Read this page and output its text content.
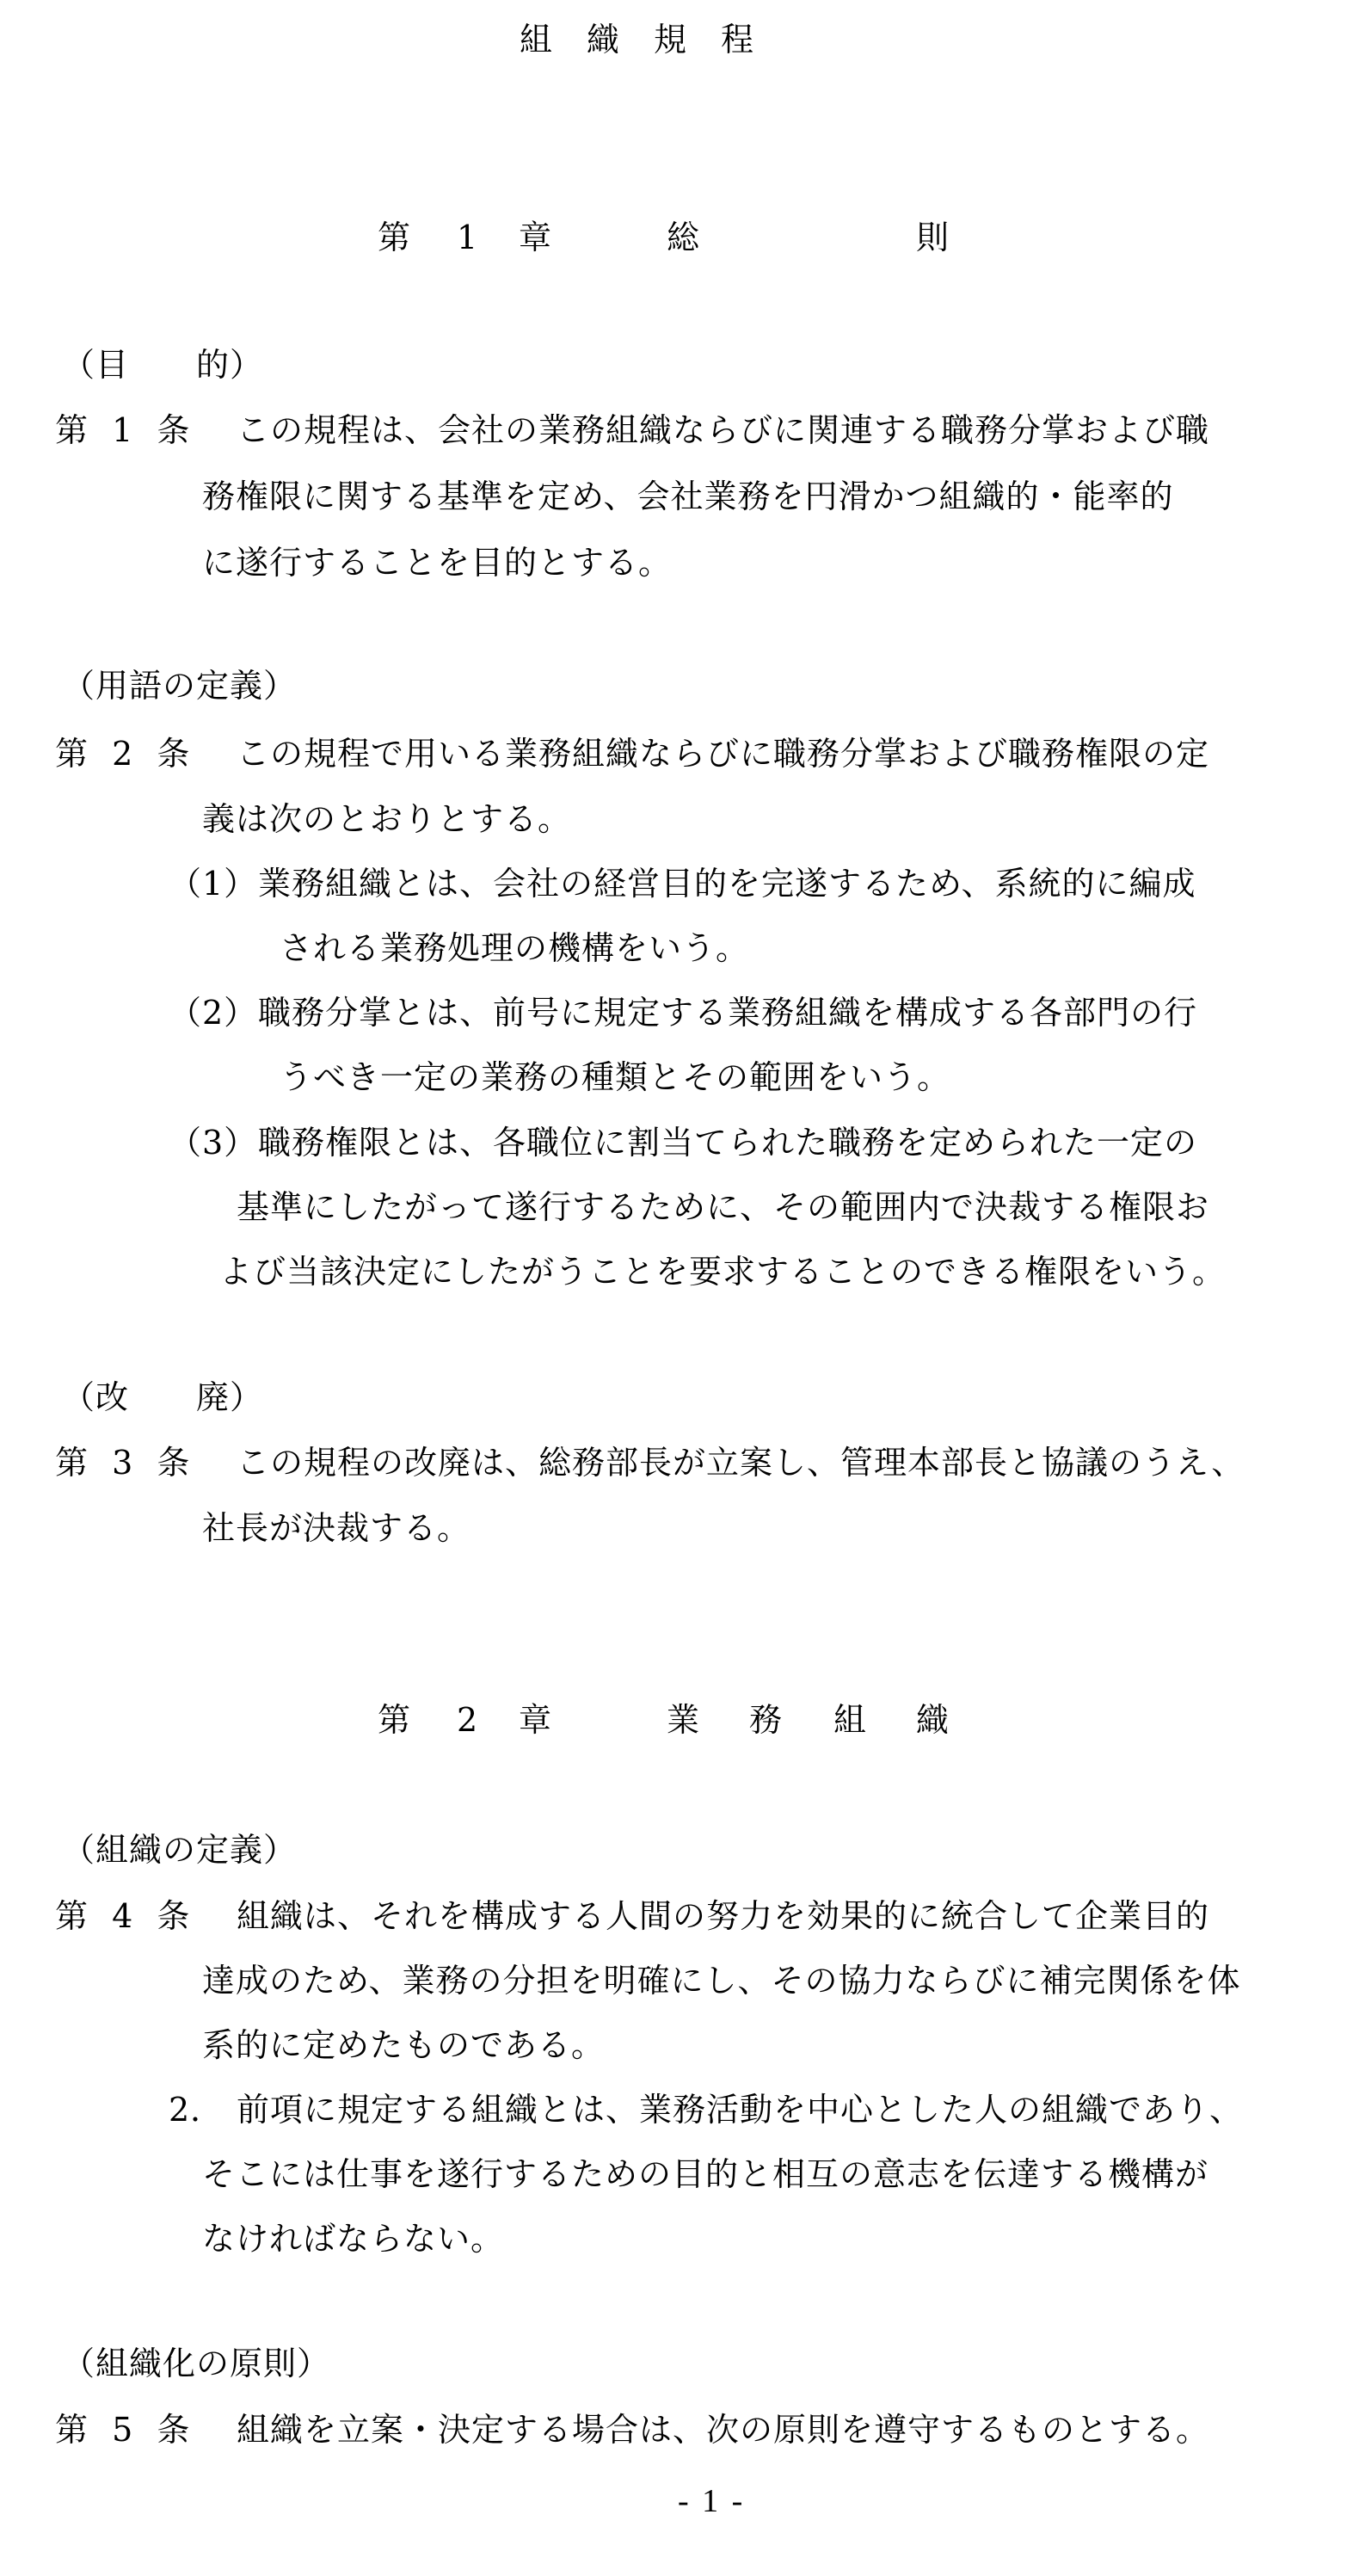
組　織　規　程
第 1 章	総	則
（目　　的）
第 1 条 この規程は、会社の業務組織ならびに関連する職務分掌および職
務権限に関する基準を定め、会社業務を円滑かつ組織的・能率的
に遂行することを目的とする。
（用語の定義）
第 2 条 この規程で用いる業務組織ならびに職務分掌および職務権限の定
義は次のとおりとする。
（1） 業務組織とは、会社の経営目的を完遂するため、系統的に編成
される業務処理の機構をいう。
（2） 職務分掌とは、前号に規定する業務組織を構成する各部門の行
うべき一定の業務の種類とその範囲をいう。
（3） 職務権限とは、各職位に割当てられた職務を定められた一定の
基準にしたがって遂行するために、その範囲内で決裁する権限お
よび当該決定にしたがうことを要求することのできる権限をいう。
（改　　廃）
第 3 条 この規程の改廃は、総務部長が立案し、管理本部長と協議のうえ、
社長が決裁する。
第 2 章	業 務 組 織
（組織の定義）
第 4 条 組織は、それを構成する人間の努力を効果的に統合して企業目的
達成のため、業務の分担を明確にし、その協力ならびに補完関係を体
系的に定めたものである。
2． 前項に規定する組織とは、業務活動を中心とした人の組織であり、
そこには仕事を遂行するための目的と相互の意志を伝達する機構が
なければならない。
（組織化の原則）
第 5 条 組織を立案・決定する場合は、次の原則を遵守するものとする。
- 1 -
